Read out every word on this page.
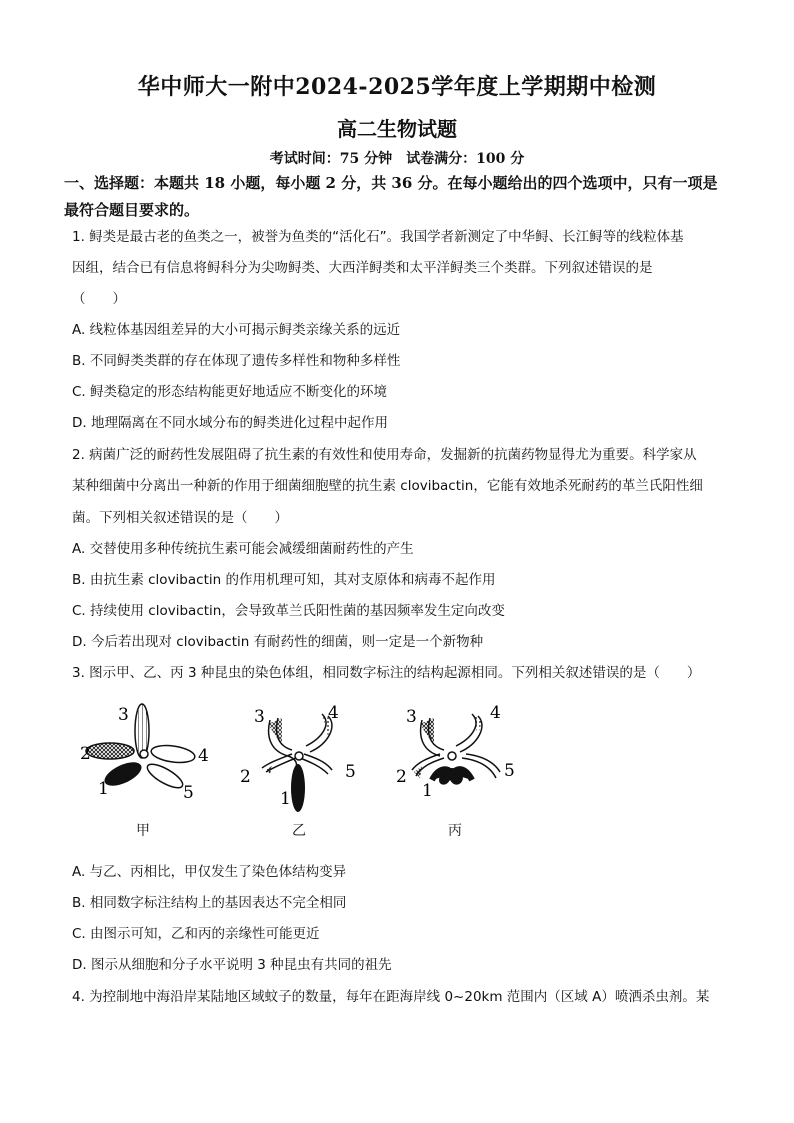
华中师大一附中2024-2025学年度上学期期中检测
高二生物试题
考试时间：75 分钟　试卷满分：100 分
一、选择题：本题共 18 小题，每小题 2 分，共 36 分。在每小题给出的四个选项中，只有一项是最符合题目要求的。
1. 鲟类是最古老的鱼类之一，被誉为鱼类的“活化石”。我国学者新测定了中华鲟、长江鲟等的线粒体基
因组，结合已有信息将鲟科分为尖吻鲟类、大西洋鲟类和太平洋鲟类三个类群。下列叙述错误的是
（　　）
A. 线粒体基因组差异的大小可揭示鲟类亲缘关系的远近
B. 不同鲟类类群的存在体现了遗传多样性和物种多样性
C. 鲟类稳定的形态结构能更好地适应不断变化的环境
D. 地理隔离在不同水域分布的鲟类进化过程中起作用
2. 病菌广泛的耐药性发展阻碍了抗生素的有效性和使用寿命，发掘新的抗菌药物显得尤为重要。科学家从
某种细菌中分离出一种新的作用于细菌细胞壁的抗生素 clovibactin，它能有效地杀死耐药的革兰氏阳性细
菌。下列相关叙述错误的是（　　）
A. 交替使用多种传统抗生素可能会减缓细菌耐药性的产生
B. 由抗生素 clovibactin 的作用机理可知，其对支原体和病毒不起作用
C. 持续使用 clovibactin，会导致革兰氏阳性菌的基因频率发生定向改变
D. 今后若出现对 clovibactin 有耐药性的细菌，则一定是一个新物种
3. 图示甲、乙、丙 3 种昆虫的染色体组，相同数字标注的结构起源相同。下列相关叙述错误的是（　　）
3
2	4
1	5
3	4
2	5
1
3	4
2	5
1
甲	乙	丙
A. 与乙、丙相比，甲仅发生了染色体结构变异
B. 相同数字标注结构上的基因表达不完全相同
C. 由图示可知，乙和丙的亲缘性可能更近
D. 图示从细胞和分子水平说明 3 种昆虫有共同的祖先
4. 为控制地中海沿岸某陆地区域蚊子的数量，每年在距海岸线 0~20km 范围内（区域 A）喷洒杀虫剂。某
